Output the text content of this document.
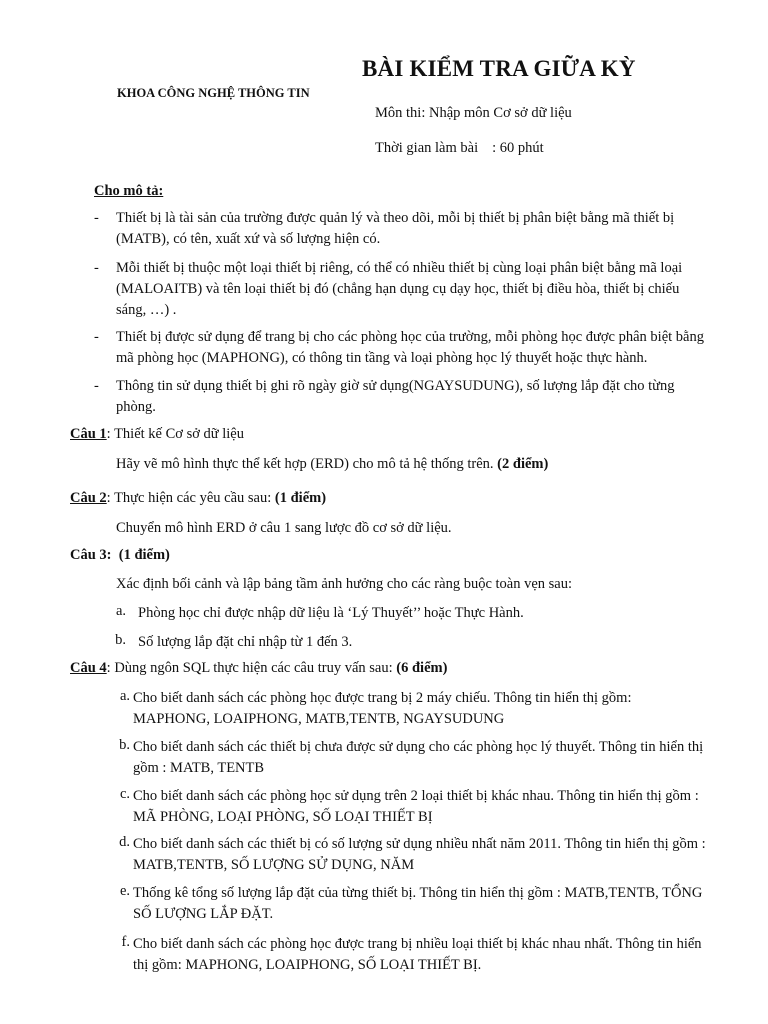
BÀI KIỂM TRA GIỮA KỲ
KHOA CÔNG NGHỆ THÔNG TIN
Môn thi: Nhập môn Cơ sở dữ liệu
Thời gian làm bài : 60 phút
Cho mô tả:
- Thiết bị là tài sản của trường được quản lý và theo dõi, mỗi bị thiết bị phân biệt bằng mã thiết bị (MATB), có tên, xuất xứ và số lượng hiện có.
- Mỗi thiết bị thuộc một loại thiết bị riêng, có thể có nhiều thiết bị cùng loại phân biệt bằng mã loại (MALOAITB) và tên loại thiết bị đó (chẳng hạn dụng cụ dạy học, thiết bị điều hòa, thiết bị chiếu sáng, …) .
- Thiết bị được sử dụng để trang bị cho các phòng học của trường, mỗi phòng học được phân biệt bằng mã phòng học (MAPHONG), có thông tin tầng và loại phòng học lý thuyết hoặc thực hành.
- Thông tin sử dụng thiết bị ghi rõ ngày giờ sử dụng(NGAYSUDUNG), số lượng lắp đặt cho từng phòng.
Câu 1: Thiết kế Cơ sở dữ liệu
Hãy vẽ mô hình thực thể kết hợp (ERD) cho mô tả hệ thống trên. (2 điểm)
Câu 2: Thực hiện các yêu cầu sau: (1 điểm)
Chuyển mô hình ERD ở câu 1 sang lược đồ cơ sở dữ liệu.
Câu 3: (1 điểm)
Xác định bối cảnh và lập bảng tầm ảnh hưởng cho các ràng buộc toàn vẹn sau:
a. Phòng học chỉ được nhập dữ liệu là ‘Lý Thuyết’’ hoặc Thực Hành.
b. Số lượng lắp đặt chỉ nhập từ 1 đến 3.
Câu 4: Dùng ngôn SQL thực hiện các câu truy vấn sau: (6 điểm)
a. Cho biết danh sách các phòng học được trang bị 2 máy chiếu. Thông tin hiển thị gồm: MAPHONG, LOAIPHONG, MATB,TENTB, NGAYSUDUNG
b. Cho biết danh sách các thiết bị chưa được sử dụng cho các phòng học lý thuyết. Thông tin hiển thị gồm : MATB, TENTB
c. Cho biết danh sách các phòng học sử dụng trên 2 loại thiết bị khác nhau. Thông tin hiển thị gồm : MÃ PHÒNG, LOẠI PHÒNG, SỐ LOẠI THIẾT BỊ
d. Cho biết danh sách các thiết bị có số lượng sử dụng nhiều nhất năm 2011. Thông tin hiển thị gồm : MATB,TENTB, SỐ LƯỢNG SỬ DỤNG, NĂM
e. Thống kê tổng số lượng lắp đặt của từng thiết bị. Thông tin hiển thị gồm : MATB,TENTB, TỔNG SỐ LƯỢNG LẮP ĐẶT.
f. Cho biết danh sách các phòng học được trang bị nhiều loại thiết bị khác nhau nhất. Thông tin hiển thị gồm: MAPHONG, LOAIPHONG, SỐ LOẠI THIẾT BỊ.
